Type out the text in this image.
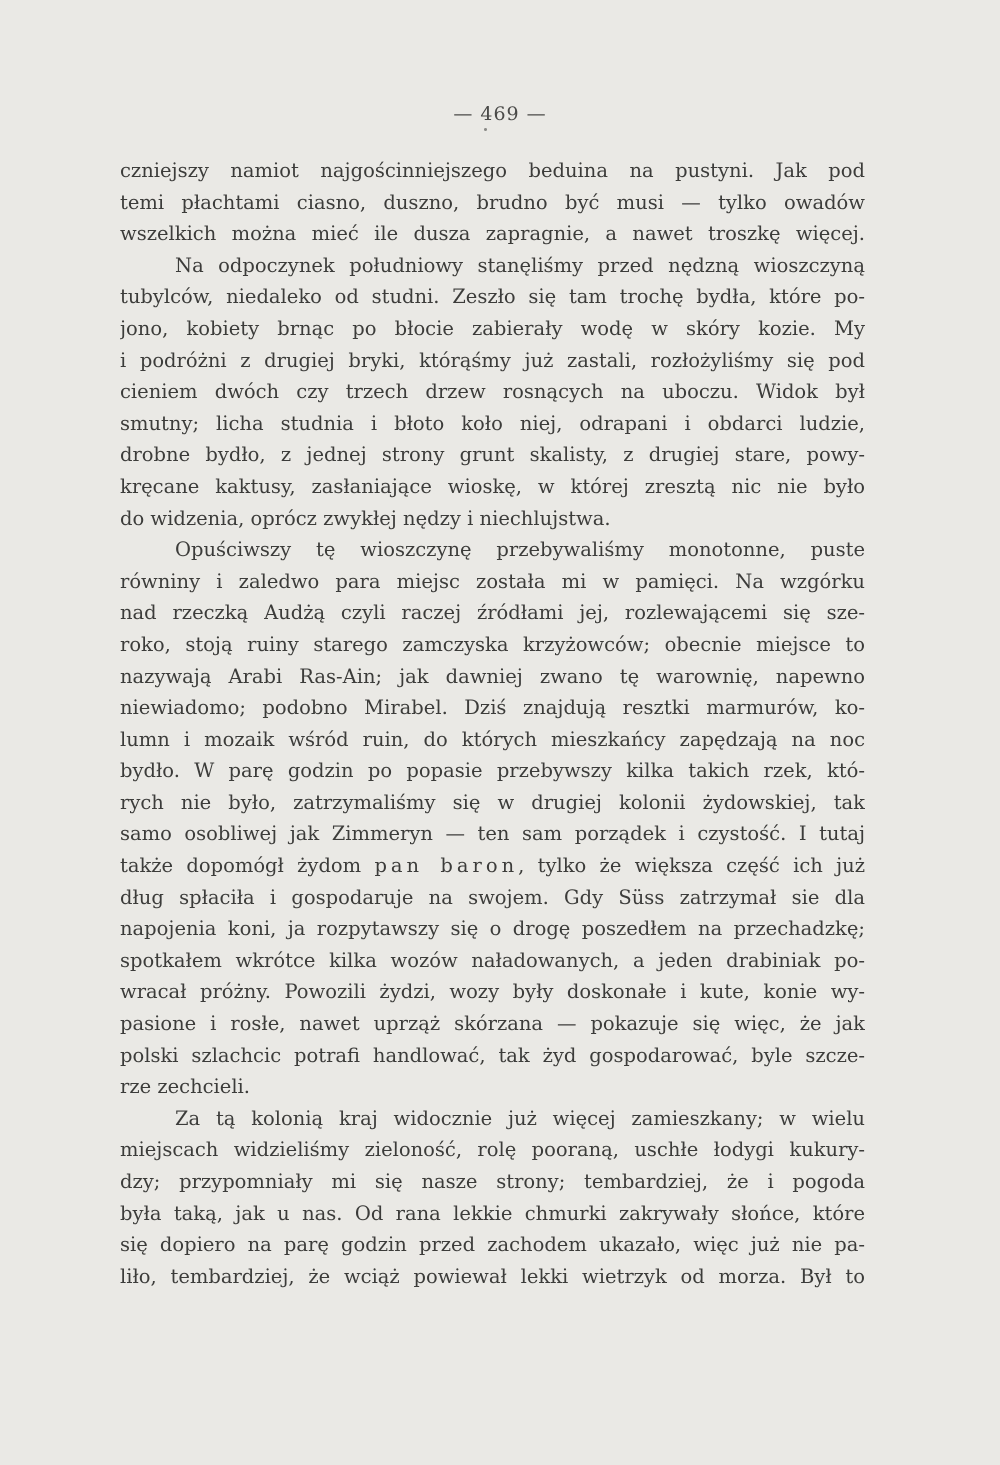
— 469 —
czniejszy namiot najgościnniejszego beduina na pustyni. Jak pod
temi płachtami ciasno, duszno, brudno być musi — tylko owadów
wszelkich można mieć ile dusza zapragnie, a nawet troszkę więcej.
Na odpoczynek południowy stanęliśmy przed nędzną wioszczyną
tubylców, niedaleko od studni. Zeszło się tam trochę bydła, które po-
jono, kobiety brnąc po błocie zabierały wodę w skóry kozie. My
i podróżni z drugiej bryki, którąśmy już zastali, rozłożyliśmy się pod
cieniem dwóch czy trzech drzew rosnących na uboczu. Widok był
smutny; licha studnia i błoto koło niej, odrapani i obdarci ludzie,
drobne bydło, z jednej strony grunt skalisty, z drugiej stare, powy-
kręcane kaktusy, zasłaniające wioskę, w której zresztą nic nie było
do widzenia, oprócz zwykłej nędzy i niechlujstwa.
Opuściwszy tę wioszczynę przebywaliśmy monotonne, puste
równiny i zaledwo para miejsc została mi w pamięci. Na wzgórku
nad rzeczką Audżą czyli raczej źródłami jej, rozlewającemi się sze-
roko, stoją ruiny starego zamczyska krzyżowców; obecnie miejsce to
nazywają Arabi Ras-Ain; jak dawniej zwano tę warownię, napewno
niewiadomo; podobno Mirabel. Dziś znajdują resztki marmurów, ko-
lumn i mozaik wśród ruin, do których mieszkańcy zapędzają na noc
bydło. W parę godzin po popasie przebywszy kilka takich rzek, któ-
rych nie było, zatrzymaliśmy się w drugiej kolonii żydowskiej, tak
samo osobliwej jak Zimmeryn — ten sam porządek i czystość. I tutaj
także dopomógł żydom pan baron, tylko że większa część ich już
dług spłaciła i gospodaruje na swojem. Gdy Süss zatrzymał sie dla
napojenia koni, ja rozpytawszy się o drogę poszedłem na przechadzkę;
spotkałem wkrótce kilka wozów naładowanych, a jeden drabiniak po-
wracał próżny. Powozili żydzi, wozy były doskonałe i kute, konie wy-
pasione i rosłe, nawet uprząż skórzana — pokazuje się więc, że jak
polski szlachcic potrafi handlować, tak żyd gospodarować, byle szcze-
rze zechcieli.
Za tą kolonią kraj widocznie już więcej zamieszkany; w wielu
miejscach widzieliśmy zieloność, rolę pooraną, uschłe łodygi kukury-
dzy; przypomniały mi się nasze strony; tembardziej, że i pogoda
była taką, jak u nas. Od rana lekkie chmurki zakrywały słońce, które
się dopiero na parę godzin przed zachodem ukazało, więc już nie pa-
liło, tembardziej, że wciąż powiewał lekki wietrzyk od morza. Był to
